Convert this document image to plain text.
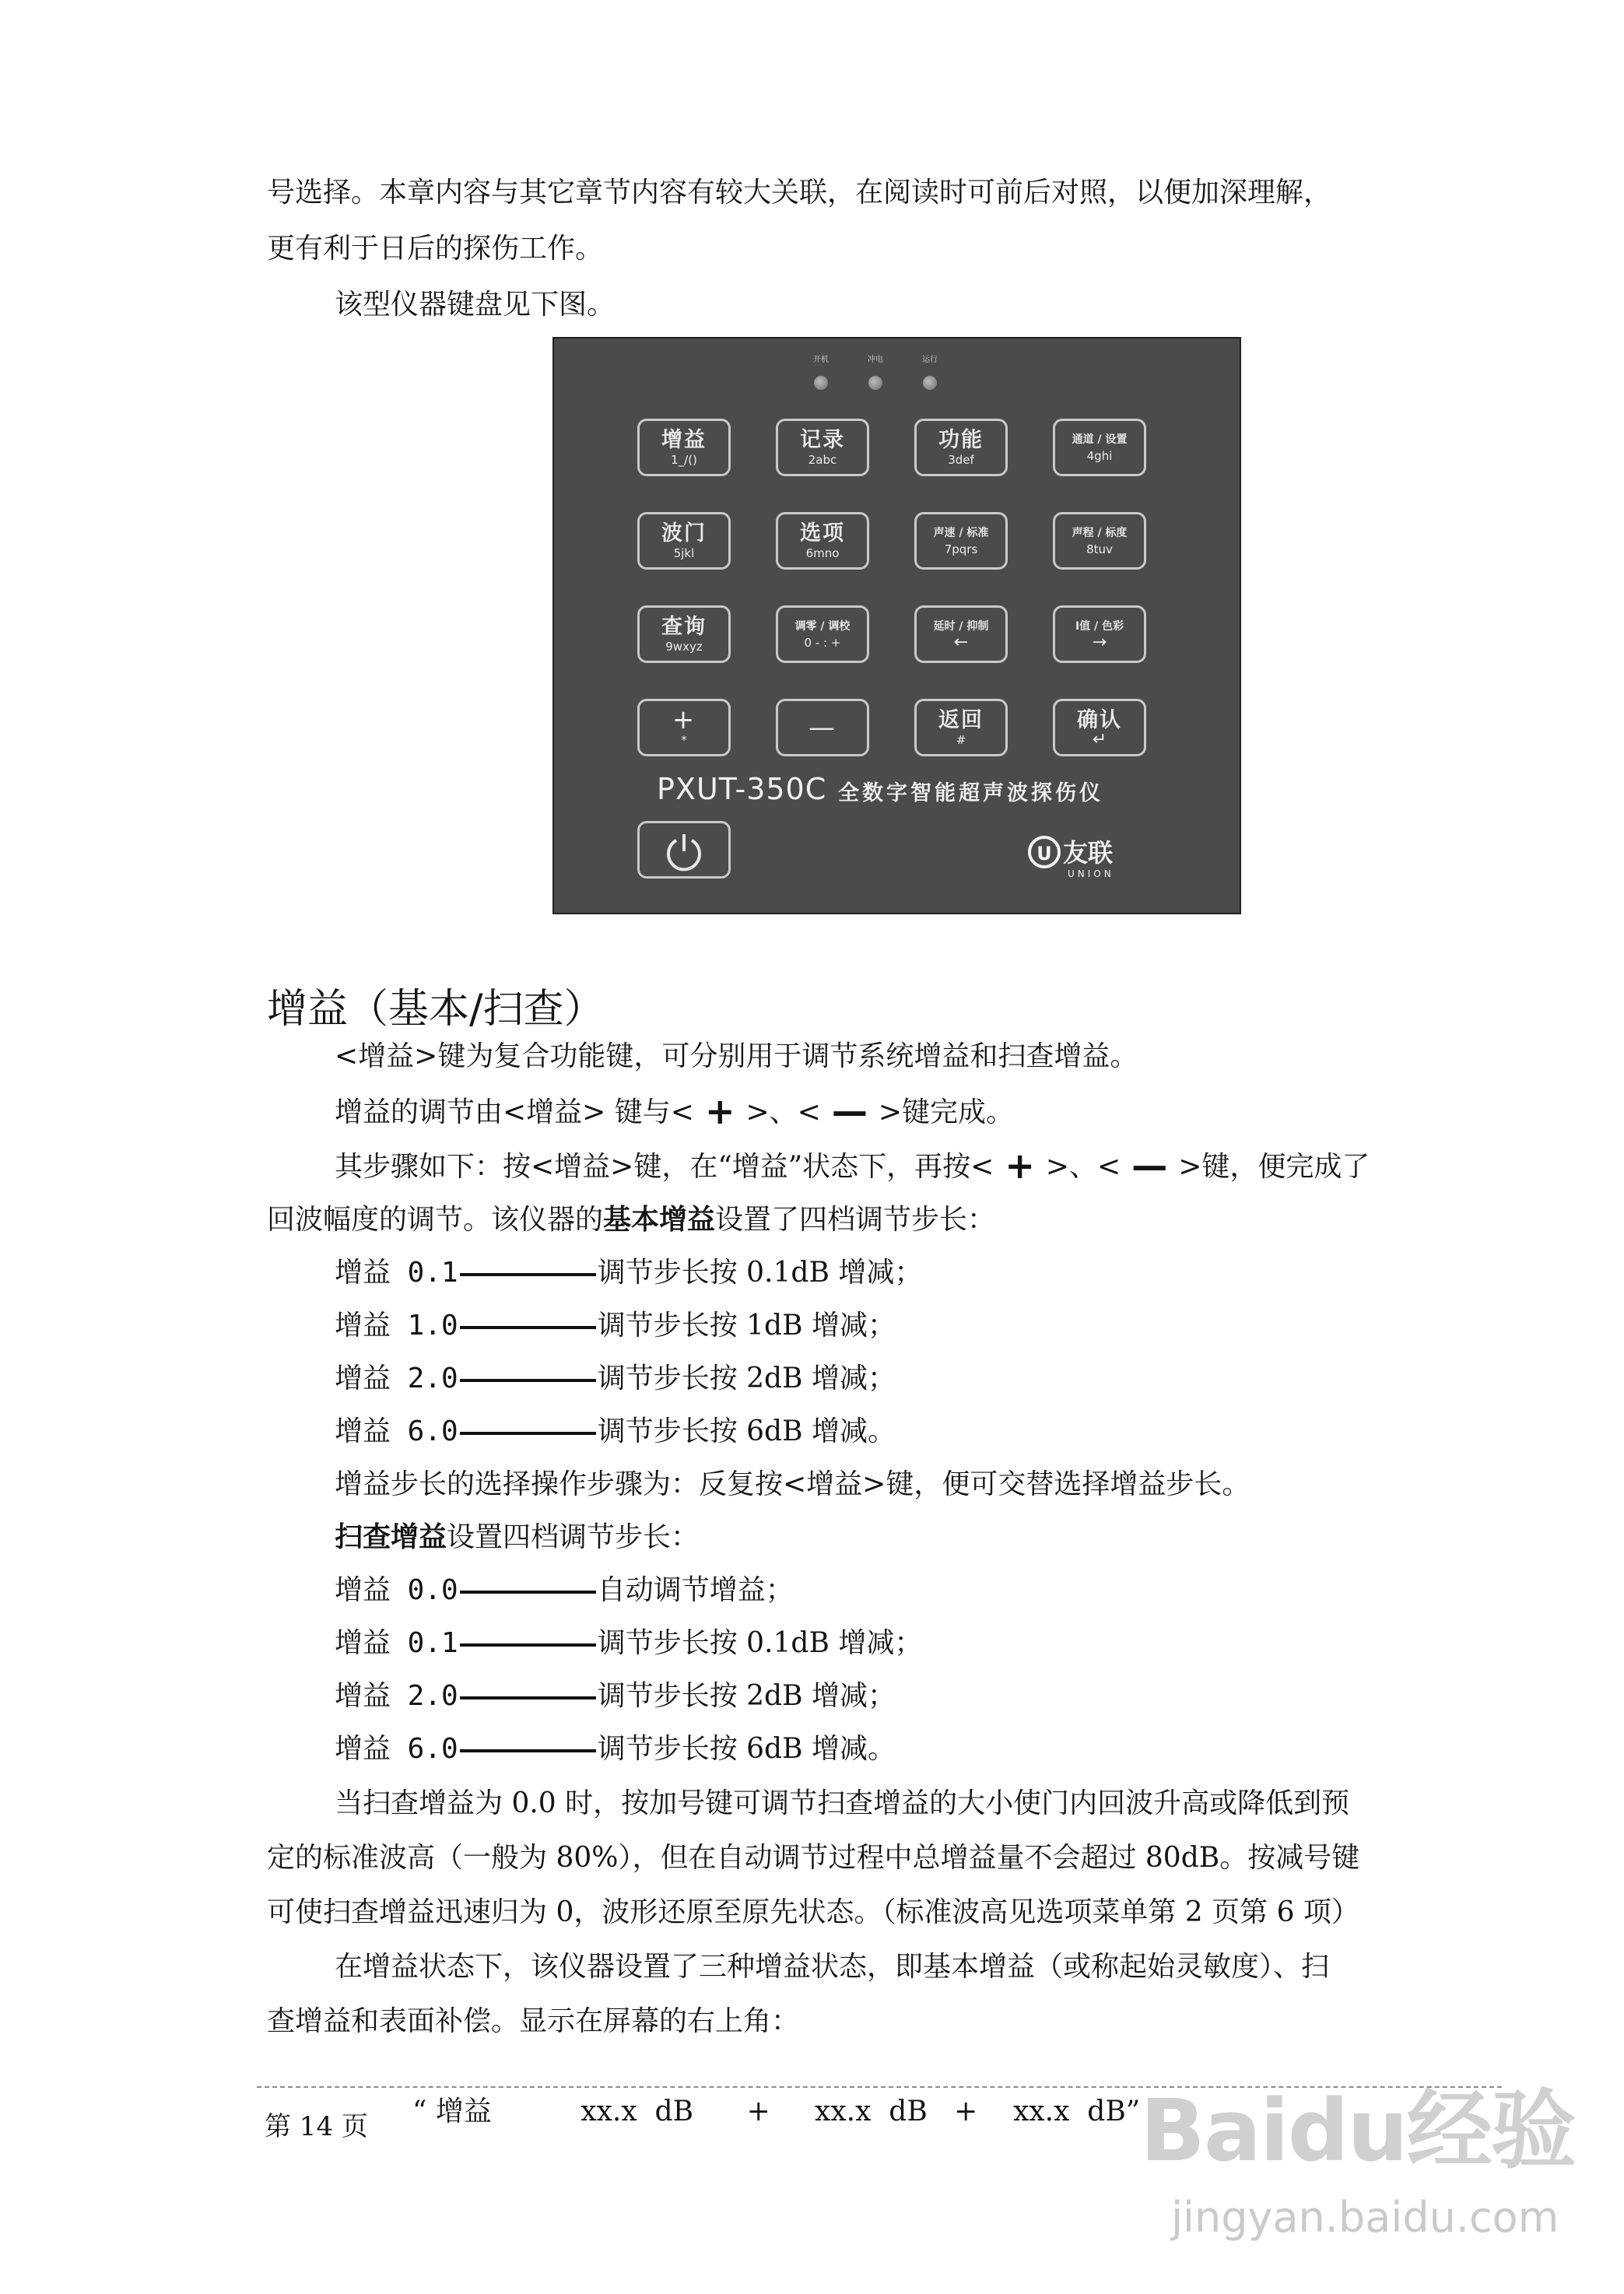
号选择。本章内容与其它章节内容有较大关联，在阅读时可前后对照，以便加深理解，
更有利于日后的探伤工作。
该型仪器键盘见下图。
开机	冲电	运行
增益
1_/()
记录
2abc
功能
3def
通道 / 设置
4ghi
波门
5jkl
选项
6mno
声速 / 标准
7pqrs
声程 / 标度
8tuv
查询
9wxyz
调零 / 调校
0 - : +
延时 / 抑制
←
Ⅰ值 / 色彩
→
+
*	—	返回
#
确认
↵
PXUT-350C 全数字智能超声波探伤仪
U 友联
UNION
增益（基本/扫查）
<增益>键为复合功能键，可分别用于调节系统增益和扫查增益。
增益的调节由<增益> 键与< + >、< — >键完成。
其步骤如下：按<增益>键，在“增益”状态下，再按< + >、< — >键，便完成了
回波幅度的调节。该仪器的基本增益设置了四档调节步长：
增益 0.1	调节步长按 0.1dB 增减；
增益 1.0	调节步长按 1dB 增减；
增益 2.0	调节步长按 2dB 增减；
增益 6.0	调节步长按 6dB 增减。
增益步长的选择操作步骤为：反复按<增益>键，便可交替选择增益步长。
扫查增益设置四档调节步长：
增益 0.0	自动调节增益；
增益 0.1	调节步长按 0.1dB 增减；
增益 2.0	调节步长按 2dB 增减；
增益 6.0	调节步长按 6dB 增减。
当扫查增益为 0.0 时，按加号键可调节扫查增益的大小使门内回波升高或降低到预
定的标准波高（一般为 80%），但在自动调节过程中总增益量不会超过 80dB。按减号键
可使扫查增益迅速归为 0，波形还原至原先状态。（标准波高见选项菜单第 2 页第 6 项）
在增益状态下，该仪器设置了三种增益状态，即基本增益（或称起始灵敏度）、扫
查增益和表面补偿。显示在屏幕的右上角：
“ 增益          xx.x  dB      +     xx.x  dB   +    xx.x  dB” Baidu经验
jingyan.baidu.com
第 14 页
